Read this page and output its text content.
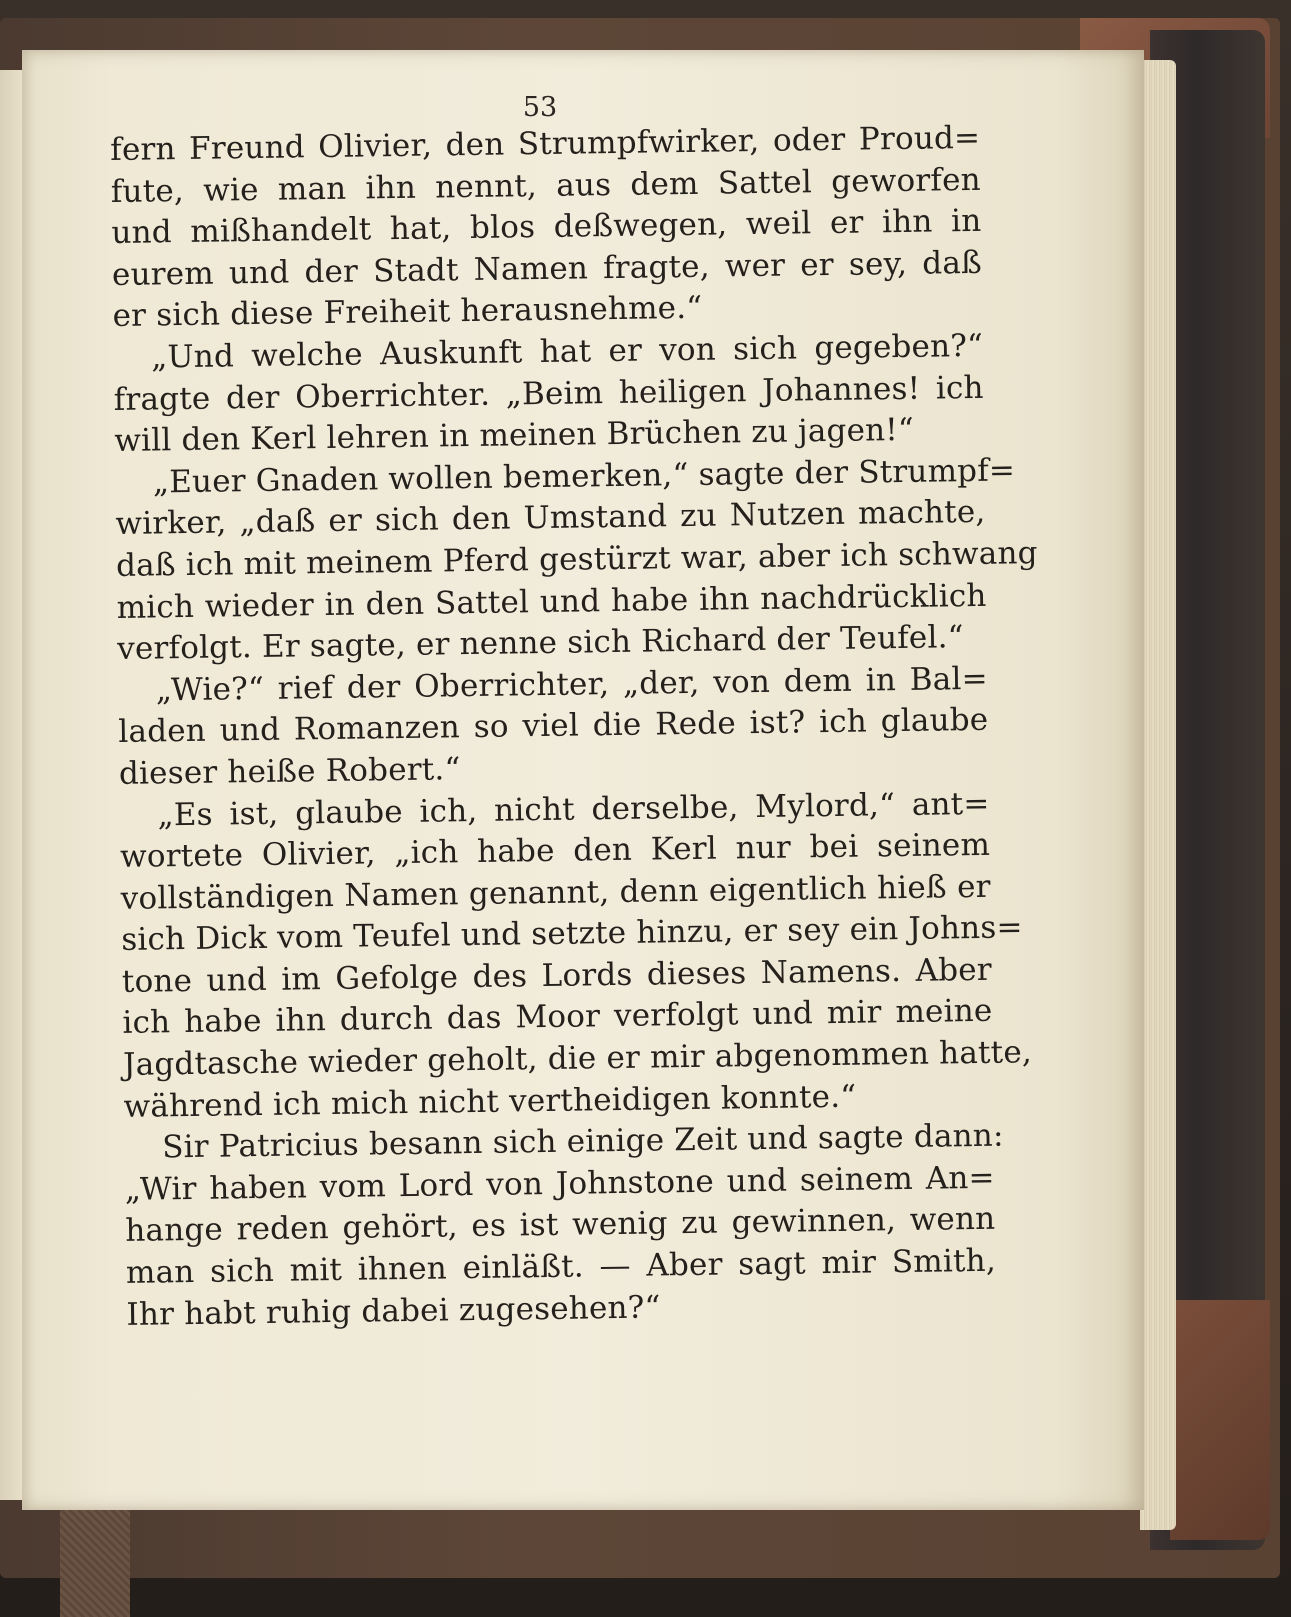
53
fern Freund Olivier, den Strumpfwirker, oder Proud=
fute, wie man ihn nennt, aus dem Sattel geworfen
und mißhandelt hat, blos deßwegen, weil er ihn in
eurem und der Stadt Namen fragte, wer er sey, daß
er sich diese Freiheit herausnehme.“
„Und welche Auskunft hat er von sich gegeben?“
fragte der Oberrichter. „Beim heiligen Johannes! ich
will den Kerl lehren in meinen Brüchen zu jagen!“
„Euer Gnaden wollen bemerken,“ sagte der Strumpf=
wirker, „daß er sich den Umstand zu Nutzen machte,
daß ich mit meinem Pferd gestürzt war, aber ich schwang
mich wieder in den Sattel und habe ihn nachdrücklich
verfolgt. Er sagte, er nenne sich Richard der Teufel.“
„Wie?“ rief der Oberrichter, „der, von dem in Bal=
laden und Romanzen so viel die Rede ist? ich glaube
dieser heiße Robert.“
„Es ist, glaube ich, nicht derselbe, Mylord,“ ant=
wortete Olivier, „ich habe den Kerl nur bei seinem
vollständigen Namen genannt, denn eigentlich hieß er
sich Dick vom Teufel und setzte hinzu, er sey ein Johns=
tone und im Gefolge des Lords dieses Namens. Aber
ich habe ihn durch das Moor verfolgt und mir meine
Jagdtasche wieder geholt, die er mir abgenommen hatte,
während ich mich nicht vertheidigen konnte.“
Sir Patricius besann sich einige Zeit und sagte dann:
„Wir haben vom Lord von Johnstone und seinem An=
hange reden gehört, es ist wenig zu gewinnen, wenn
man sich mit ihnen einläßt. — Aber sagt mir Smith,
Ihr habt ruhig dabei zugesehen?“
